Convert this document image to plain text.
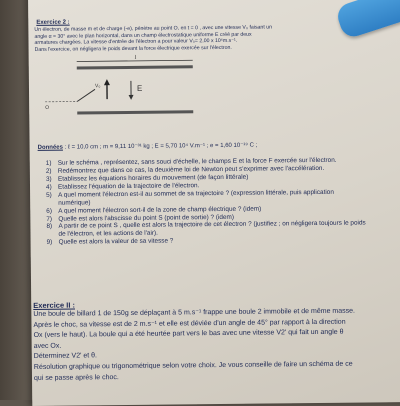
Exercice 2 :

Un électron, de masse m et de charge (-e), pénètre au point O, en t = 0 , avec une vitesse V₀ faisant un

angle α = 30° avec le plan horizontal, dans un champ électrostatique uniforme E créé par deux

armatures chargées. La vitesse d'entrée de l'électron a pour valeur V₀= 2,00 x 10⁶m.s⁻¹.

Dans l'exercice, on négligera le poids devant la force électrique exercée sur l'électron.

l
O
V₀	E
Données : ℓ = 10,0 cm ; m = 9,11 10⁻³¹ kg ; E = 5,70 10⁴ V.m⁻¹ ; e = 1,60 10⁻¹⁹ C ;
1) Sur le schéma , représentez, sans souci d'échelle, le champs E et la force F exercée sur l'électron.
2) Redémontrez que dans ce cas, la deuxième loi de Newton peut s'exprimer avec l'accélération.
3) Etablissez les équations horaires du mouvement (de façon littérale)
4) Etablissez l'équation de la trajectoire de l'électron.
5) A quel moment l'électron est-il au sommet de sa trajectoire ? (expression littérale, puis application numérique)
6) A quel moment l'électron sort-il de la zone de champ électrique ? (idem)
7) Quelle est alors l'abscisse du point S (point de sortie) ? (idem)
8) A partir de ce point S , quelle est alors la trajectoire de cet électron ? (justifiez ; on négligera toujours le poids de l'électron, et les actions de l'air).
9) Quelle est alors la valeur de sa vitesse ?
Exercice II :

Une boule de billard 1 de 150g se déplaçant à 5 m.s⁻¹ frappe une boule 2 immobile et de même masse.

Après le choc, sa vitesse est de 2 m.s⁻¹ et elle est déviée d'un angle de 45° par rapport à la direction

Ox (vers le haut). La boule qui a été heurtée part vers le bas avec une vitesse V2' qui fait un angle θ

avec Ox.

Déterminez V2' et θ.

Résolution graphique ou trigonométrique selon votre choix. Je vous conseille de faire un schéma de ce

qui se passe après le choc.
